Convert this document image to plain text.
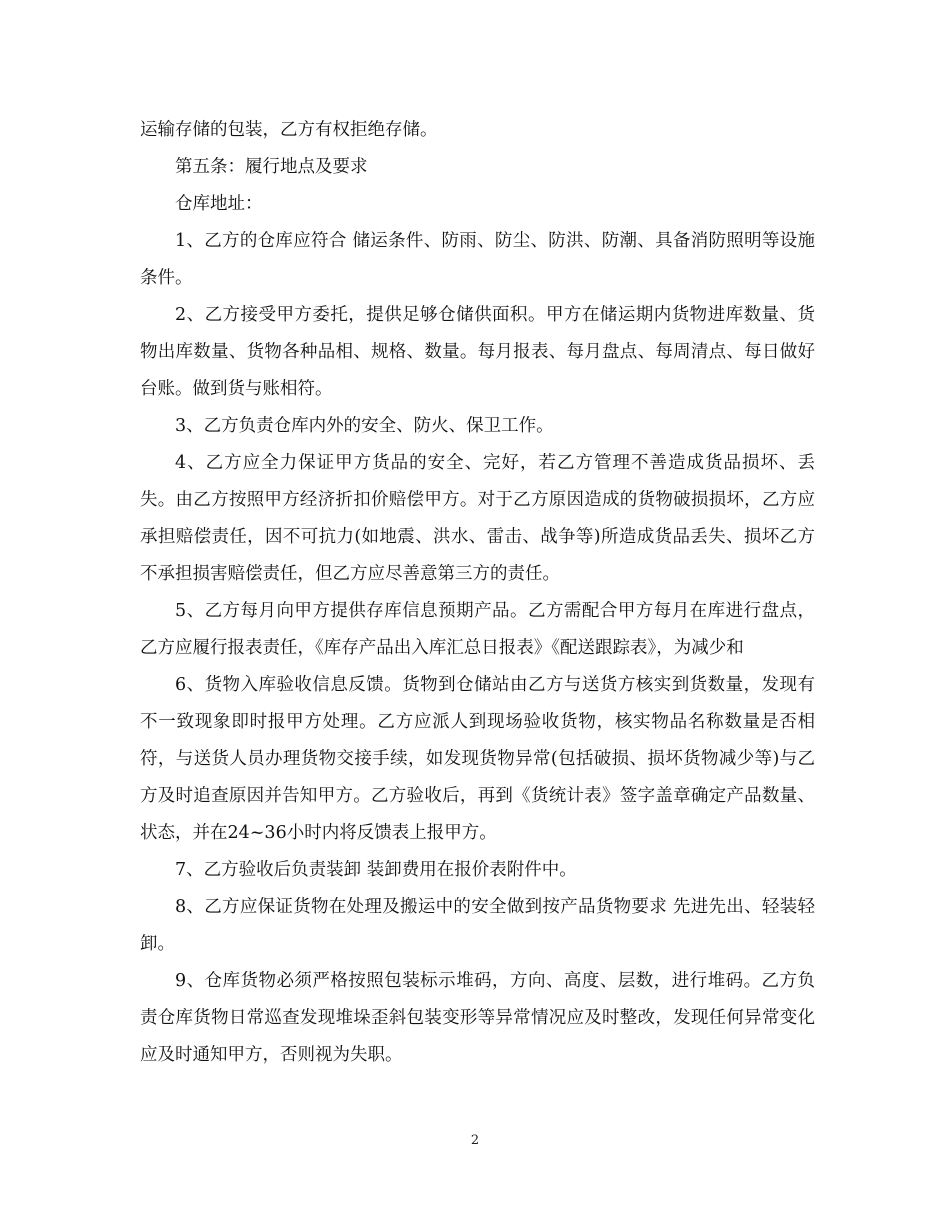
运输存储的包装，乙方有权拒绝存储。

第五条：履行地点及要求

仓库地址：

1、乙方的仓库应符合 储运条件、防雨、防尘、防洪、防潮、具备消防照明等设施条件。

2、乙方接受甲方委托，提供足够仓储供面积。甲方在储运期内货物进库数量、货物出库数量、货物各种品相、规格、数量。每月报表、每月盘点、每周清点、每日做好台账。做到货与账相符。

3、乙方负责仓库内外的安全、防火、保卫工作。

4、乙方应全力保证甲方货品的安全、完好，若乙方管理不善造成货品损坏、丢失。由乙方按照甲方经济折扣价赔偿甲方。对于乙方原因造成的货物破损损坏，乙方应承担赔偿责任，因不可抗力(如地震、洪水、雷击、战争等)所造成货品丢失、损坏乙方不承担损害赔偿责任，但乙方应尽善意第三方的责任。

5、乙方每月向甲方提供存库信息预期产品。乙方需配合甲方每月在库进行盘点，乙方应履行报表责任，《库存产品出入库汇总日报表》《配送跟踪表》，为减少和

6、货物入库验收信息反馈。货物到仓储站由乙方与送货方核实到货数量，发现有不一致现象即时报甲方处理。乙方应派人到现场验收货物，核实物品名称数量是否相符，与送货人员办理货物交接手续，如发现货物异常(包括破损、损坏货物减少等)与乙方及时追查原因并告知甲方。乙方验收后，再到《货统计表》签字盖章确定产品数量、状态，并在24~36小时内将反馈表上报甲方。

7、乙方验收后负责装卸 装卸费用在报价表附件中。

8、乙方应保证货物在处理及搬运中的安全做到按产品货物要求 先进先出、轻装轻卸。

9、仓库货物必须严格按照包装标示堆码，方向、高度、层数，进行堆码。乙方负责仓库货物日常巡查发现堆垛歪斜包装变形等异常情况应及时整改，发现任何异常变化应及时通知甲方，否则视为失职。

2
